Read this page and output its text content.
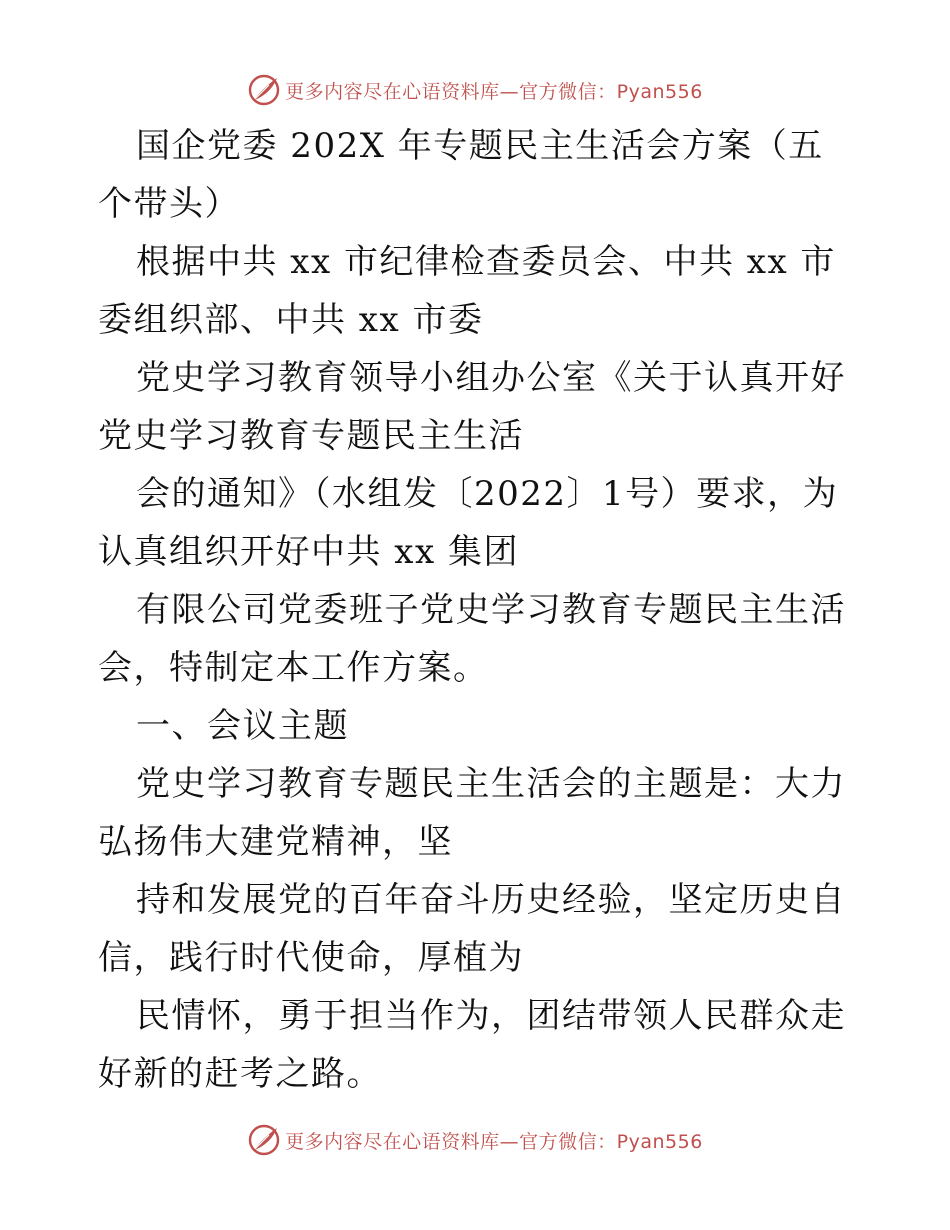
更多内容尽在心语资料库—官方微信：Pyan556

国企党委 202X 年专题民主生活会方案（五个带头）

根据中共 xx 市纪律检查委员会、中共 xx 市委组织部、中共 xx 市委

党史学习教育领导小组办公室《关于认真开好党史学习教育专题民主生活

会的通知》（水组发〔2022〕1号）要求，为认真组织开好中共 xx 集团

有限公司党委班子党史学习教育专题民主生活会，特制定本工作方案。

一、会议主题

党史学习教育专题民主生活会的主题是：大力弘扬伟大建党精神，坚

持和发展党的百年奋斗历史经验，坚定历史自信，践行时代使命，厚植为

民情怀，勇于担当作为，团结带领人民群众走好新的赶考之路。

更多内容尽在心语资料库—官方微信：Pyan556
